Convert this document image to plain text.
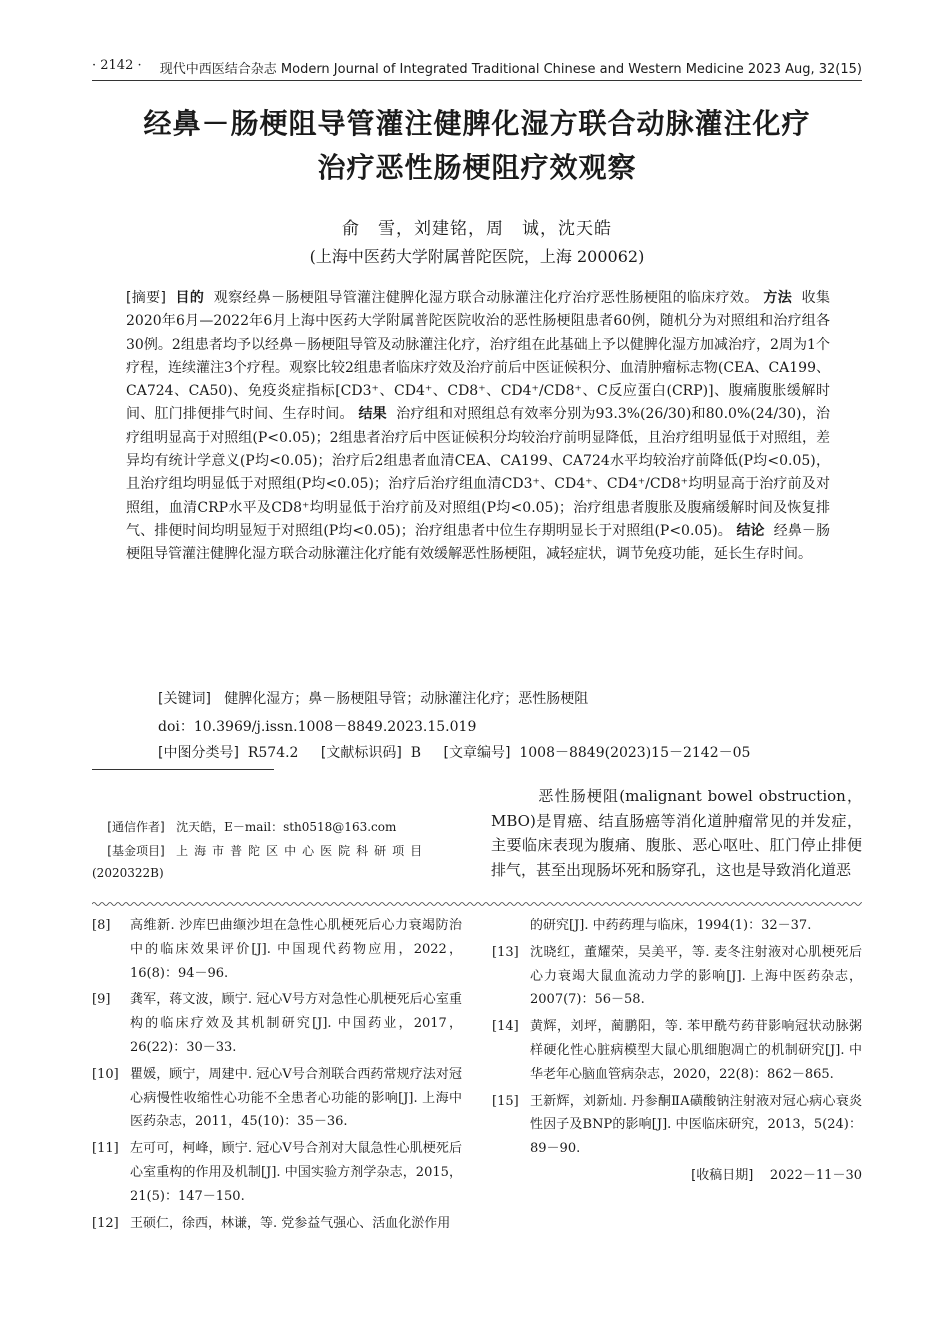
· 2142 · 现代中西医结合杂志 Modern Journal of Integrated Traditional Chinese and Western Medicine 2023 Aug, 32(15)
经鼻－肠梗阻导管灌注健脾化湿方联合动脉灌注化疗
治疗恶性肠梗阻疗效观察
俞　雪，刘建铭，周　诚，沈天皓
(上海中医药大学附属普陀医院，上海 200062)
[摘要] 目的 观察经鼻－肠梗阻导管灌注健脾化湿方联合动脉灌注化疗治疗恶性肠梗阻的临床疗效。 方法 收集2020年6月—2022年6月上海中医药大学附属普陀医院收治的恶性肠梗阻患者60例，随机分为对照组和治疗组各30例。2组患者均予以经鼻－肠梗阻导管及动脉灌注化疗，治疗组在此基础上予以健脾化湿方加减治疗，2周为1个疗程，连续灌注3个疗程。观察比较2组患者临床疗效及治疗前后中医证候积分、血清肿瘤标志物(CEA、CA199、CA724、CA50)、免疫炎症指标[CD3⁺、CD4⁺、CD8⁺、CD4⁺/CD8⁺、C反应蛋白(CRP)]、腹痛腹胀缓解时间、肛门排便排气时间、生存时间。 结果 治疗组和对照组总有效率分别为93.3%(26/30)和80.0%(24/30)，治疗组明显高于对照组(P<0.05)；2组患者治疗后中医证候积分均较治疗前明显降低，且治疗组明显低于对照组，差异均有统计学意义(P均<0.05)；治疗后2组患者血清CEA、CA199、CA724水平均较治疗前降低(P均<0.05)，且治疗组均明显低于对照组(P均<0.05)；治疗后治疗组血清CD3⁺、CD4⁺、CD4⁺/CD8⁺均明显高于治疗前及对照组，血清CRP水平及CD8⁺均明显低于治疗前及对照组(P均<0.05)；治疗组患者腹胀及腹痛缓解时间及恢复排气、排便时间均明显短于对照组(P均<0.05)；治疗组患者中位生存期明显长于对照组(P<0.05)。 结论 经鼻－肠梗阻导管灌注健脾化湿方联合动脉灌注化疗能有效缓解恶性肠梗阻，减轻症状，调节免疫功能，延长生存时间。
[关键词] 健脾化湿方；鼻－肠梗阻导管；动脉灌注化疗；恶性肠梗阻
doi：10.3969/j.issn.1008－8849.2023.15.019
[中图分类号] R574.2 [文献标识码] B [文章编号] 1008－8849(2023)15－2142－05
[通信作者] 沈天皓，E－mail：sth0518@163.com
[基金项目] 上海市普陀区中心医院科研项目
(2020322B)
恶性肠梗阻(malignant bowel obstruction，MBO)是胃癌、结直肠癌等消化道肿瘤常见的并发症，主要临床表现为腹痛、腹胀、恶心呕吐、肛门停止排便排气，甚至出现肠坏死和肠穿孔，这也是导致消化道恶
[8]	高维新. 沙库巴曲缬沙坦在急性心肌梗死后心力衰竭防治中的临床效果评价[J]. 中国现代药物应用，2022，16(8)：94－96.
[9]	龚军，蒋文波，顾宁. 冠心Ⅴ号方对急性心肌梗死后心室重构的临床疗效及其机制研究[J]. 中国药业，2017，26(22)：30－33.
[10] 瞿媛，顾宁，周建中. 冠心Ⅴ号合剂联合西药常规疗法对冠心病慢性收缩性心功能不全患者心功能的影响[J]. 上海中医药杂志，2011，45(10)：35－36.
[11] 左可可，柯峰，顾宁. 冠心Ⅴ号合剂对大鼠急性心肌梗死后心室重构的作用及机制[J]. 中国实验方剂学杂志，2015，21(5)：147－150.
[12] 王硕仁，徐西，林谦，等. 党参益气强心、活血化淤作用
的研究[J]. 中药药理与临床，1994(1)：32－37.
[13] 沈晓红，董耀荣，吴美平，等. 麦冬注射液对心肌梗死后心力衰竭大鼠血流动力学的影响[J]. 上海中医药杂志，2007(7)：56－58.
[14] 黄辉，刘坪，蔺鹏阳，等. 苯甲酰芍药苷影响冠状动脉粥样硬化性心脏病模型大鼠心肌细胞凋亡的机制研究[J]. 中华老年心脑血管病杂志，2020，22(8)：862－865.
[15] 王新辉，刘新灿. 丹参酮ⅡA磺酸钠注射液对冠心病心衰炎性因子及BNP的影响[J]. 中医临床研究，2013，5(24)：89－90.
[收稿日期] 2022－11－30
